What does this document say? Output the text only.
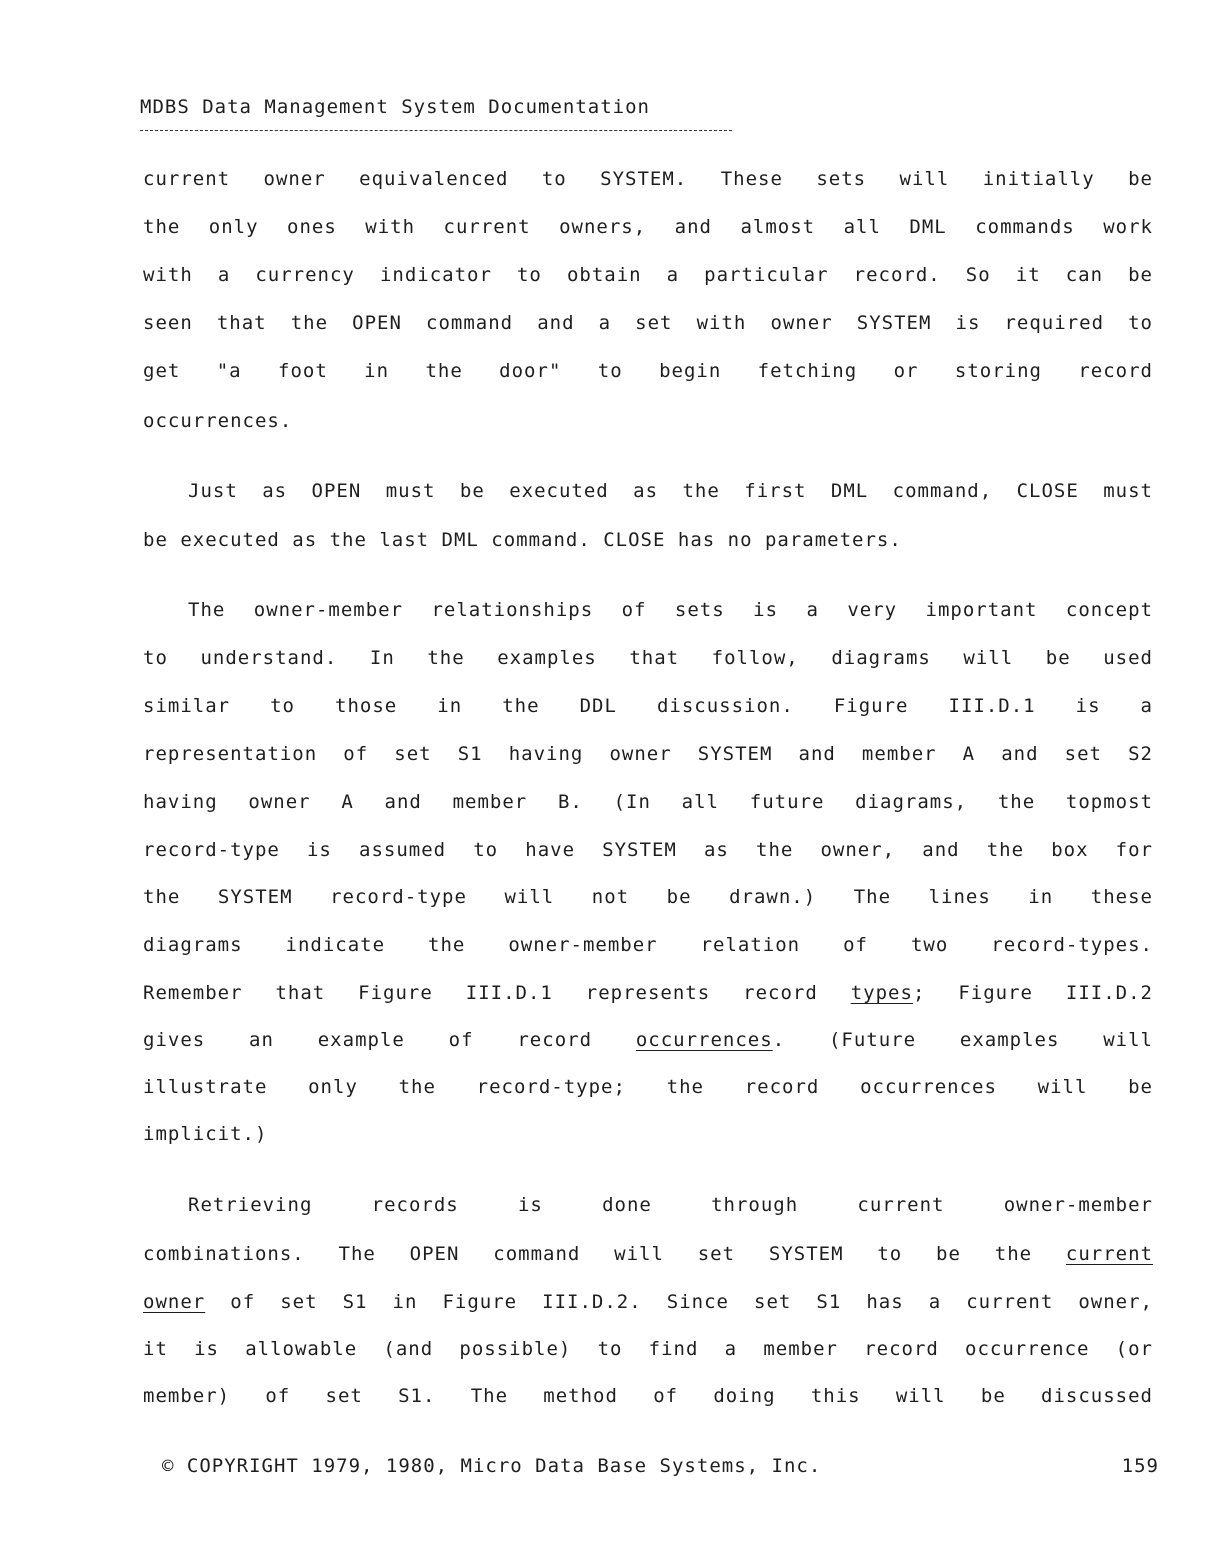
MDBS Data Management System Documentation
current owner equivalenced to SYSTEM. These sets will initially be
the only ones with current owners, and almost all DML commands work
with a currency indicator to obtain a particular record. So it can be
seen that the OPEN command and a set with owner SYSTEM is required to
get "a foot in the door" to begin fetching or storing record
occurrences.
Just as OPEN must be executed as the first DML command, CLOSE must
be executed as the last DML command. CLOSE has no parameters.
The owner-member relationships of sets is a very important concept
to understand. In the examples that follow, diagrams will be used
similar to those in the DDL discussion. Figure III.D.1 is a
representation of set S1 having owner SYSTEM and member A and set S2
having owner A and member B. (In all future diagrams, the topmost
record-type is assumed to have SYSTEM as the owner, and the box for
the SYSTEM record-type will not be drawn.) The lines in these
diagrams indicate the owner-member relation of two record-types.
Remember that Figure III.D.1 represents record types; Figure III.D.2
gives an example of record occurrences. (Future examples will
illustrate only the record-type; the record occurrences will be
implicit.)
Retrieving records is done through current owner-member
combinations. The OPEN command will set SYSTEM to be the current
owner of set S1 in Figure III.D.2. Since set S1 has a current owner,
it is allowable (and possible) to find a member record occurrence (or
member) of set S1. The method of doing this will be discussed
© COPYRIGHT 1979, 1980, Micro Data Base Systems, Inc.	159
